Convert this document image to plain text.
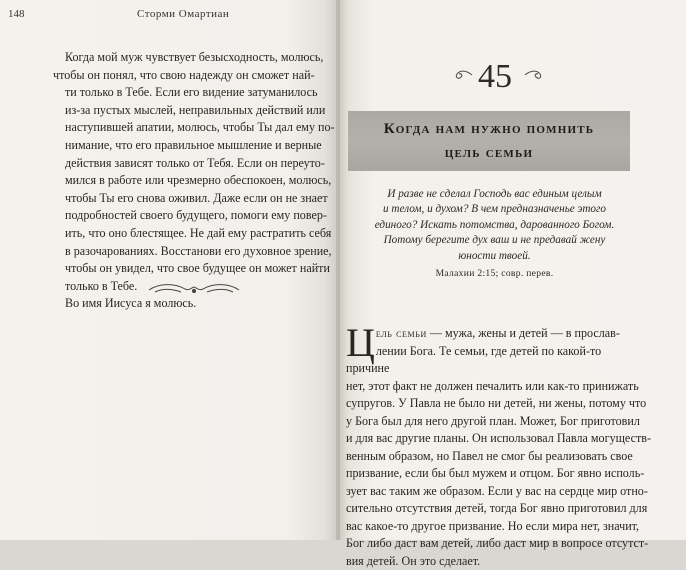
148	Сторми Омартиан

Когда мой муж чувствует безысходность, молюсь,
чтобы он понял, что свою надежду он сможет най-
ти только в Тебе. Если его видение затуманилось
из-за пустых мыслей, неправильных действий или
наступившей апатии, молюсь, чтобы Ты дал ему по-
нимание, что его правильное мышление и верные
действия зависят только от Тебя. Если он переуто-
мился в работе или чрезмерно обеспокоен, молюсь,
чтобы Ты его снова оживил. Даже если он не знает
подробностей своего будущего, помоги ему повер-
ить, что оно блестящее. Не дай ему растратить себя
в разочарованиях. Восстанови его духовное зрение,
чтобы он увидел, что свое будущее он может найти
только в Тебе.

Во имя Иисуса я молюсь.

45
Когда нам нужно помнить
цель семьи
И разве не сделал Господь вас единым целым
и телом, и духом? В чем предназначенье этого
единого? Искать потомства, дарованного Богом.
Потому берегите дух ваш и не предавай жену
юности твоей.
Малахии 2:15; совр. перев.
Ц ель семьи — мужа, жены и детей — в прослав-
лении Бога. Те семьи, где детей по какой-то причине

нет, этот факт не должен печалить или как-то принижать
супругов. У Павла не было ни детей, ни жены, потому что
у Бога был для него другой план. Может, Бог приготовил
и для вас другие планы. Он использовал Павла могуществ-
венным образом, но Павел не смог бы реализовать свое
призвание, если бы был мужем и отцом. Бог явно исполь-
зует вас таким же образом. Если у вас на сердце мир отно-
сительно отсутствия детей, тогда Бог явно приготовил для
вас какое-то другое призвание. Но если мира нет, значит,
Бог либо даст вам детей, либо даст мир в вопросе отсутст-
вия детей. Он это сделает.
